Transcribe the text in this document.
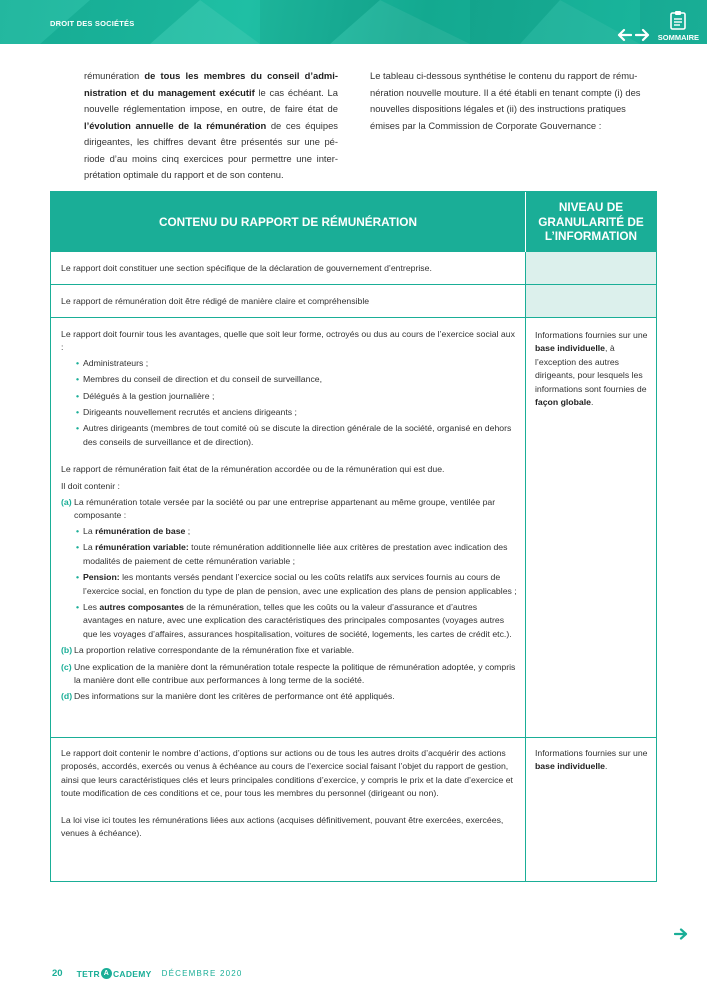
DROIT DES SOCIÉTÉS
SOMMAIRE
rémunération de tous les membres du conseil d’administration et du management exécutif le cas échéant. La nouvelle réglementation impose, en outre, de faire état de l’évolution annuelle de la rémunération de ces équipes dirigeantes, les chiffres devant être présentés sur une période d’au moins cinq exercices pour permettre une interprétation optimale du rapport et de son contenu.
Le tableau ci-dessous synthétise le contenu du rapport de rémunération nouvelle mouture. Il a été établi en tenant compte (i) des nouvelles dispositions légales et (ii) des instructions pratiques émises par la Commission de Corporate Gouvernance :
CONTENU DU RAPPORT DE RÉMUNÉRATION
NIVEAU DE
GRANULARITÉ DE
L’INFORMATION
Le rapport doit constituer une section spécifique de la déclaration de gouvernement d’entreprise.
Le rapport de rémunération doit être rédigé de manière claire et compréhensible
Le rapport doit fournir tous les avantages, quelle que soit leur forme, octroyés ou dus au cours de l’exercice social aux :
• Administrateurs ;
• Membres du conseil de direction et du conseil de surveillance,
• Délégués à la gestion journalière ;
• Dirigeants nouvellement recrutés et anciens dirigeants ;
• Autres dirigeants (membres de tout comité où se discute la direction générale de la société, organisé en dehors des conseils de surveillance et de direction).
Le rapport de rémunération fait état de la rémunération accordée ou de la rémunération qui est due.
Il doit contenir :
(a) La rémunération totale versée par la société ou par une entreprise appartenant au même groupe, ventilée par composante :
• La rémunération de base ;
• La rémunération variable: toute rémunération additionnelle liée aux critères de prestation avec indication des modalités de paiement de cette rémunération variable ;
• Pension: les montants versés pendant l’exercice social ou les coûts relatifs aux services fournis au cours de l’exercice social, en fonction du type de plan de pension, avec une explication des plans de pension applicables ;
• Les autres composantes de la rémunération, telles que les coûts ou la valeur d’assurance et d’autres avantages en nature, avec une explication des caractéristiques des principales composantes (voyages autres que les voyages d’affaires, assurances hospitalisation, voitures de société, logements, les cartes de crédit etc.).
(b) La proportion relative correspondante de la rémunération fixe et variable.
(c) Une explication de la manière dont la rémunération totale respecte la politique de rémunération adoptée, y compris la manière dont elle contribue aux performances à long terme de la société.
(d) Des informations sur la manière dont les critères de performance ont été appliqués.
Informations fournies sur une base individuelle, à l’exception des autres dirigeants, pour lesquels les informations sont fournies de façon globale.
Le rapport doit contenir le nombre d’actions, d’options sur actions ou de tous les autres droits d’acquérir des actions proposés, accordés, exercés ou venus à échéance au cours de l’exercice social faisant l’objet du rapport de gestion, ainsi que leurs caractéristiques clés et leurs principales conditions d’exercice, y compris le prix et la date d’exercice et toute modification de ces conditions et ce, pour tous les membres du personnel (dirigeant ou non).
La loi vise ici toutes les rémunérations liées aux actions (acquises définitivement, pouvant être exercées, exercées, venues à échéance).
Informations fournies sur une base individuelle.
20 TETR A CADEMY DÉCEMBRE 2020
